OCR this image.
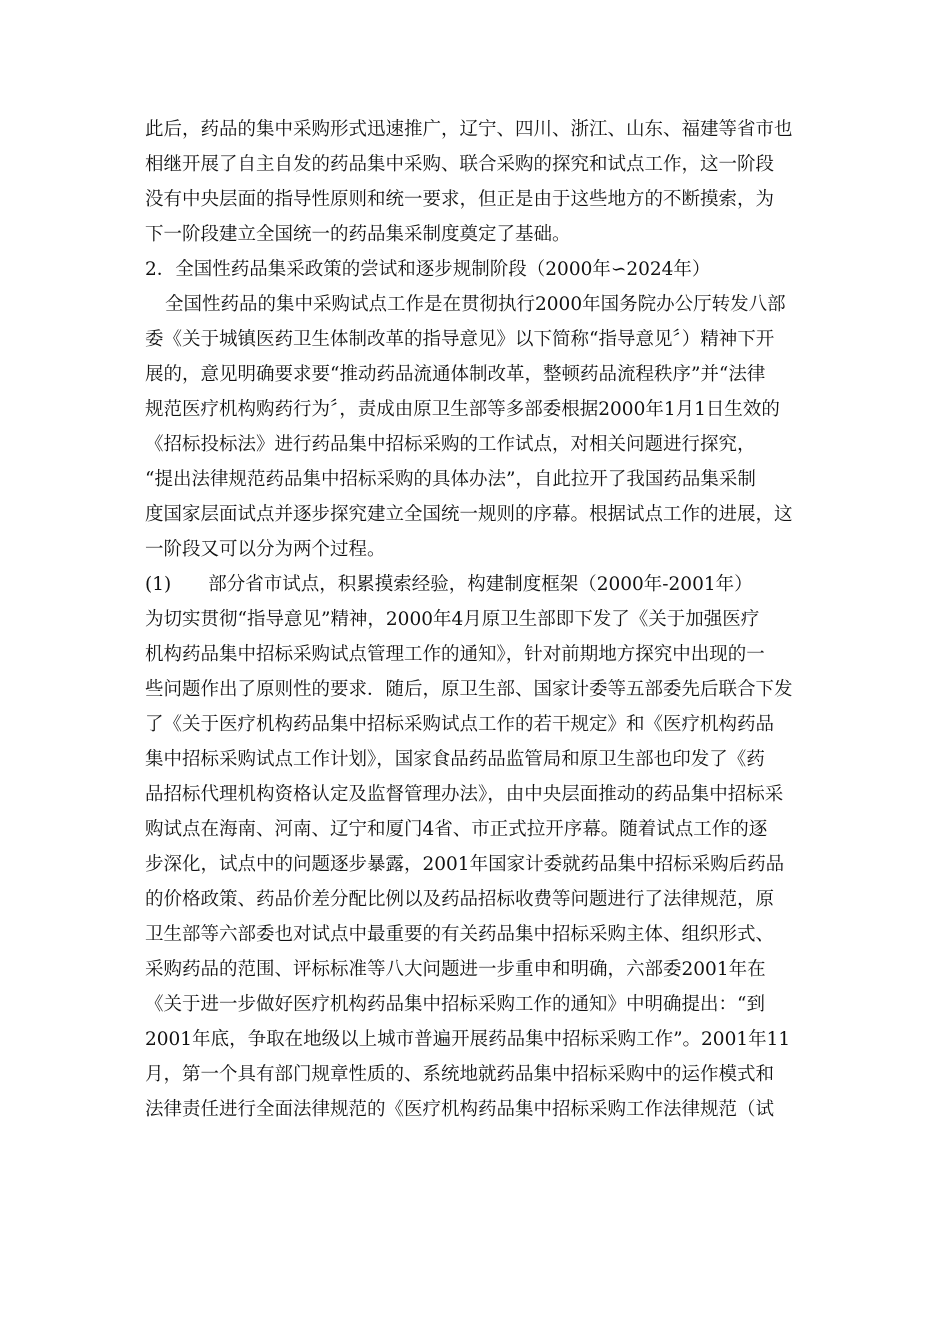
此后，药品的集中采购形式迅速推广，辽宁、四川、浙江、山东、福建等省市也
相继开展了自主自发的药品集中采购、联合采购的探究和试点工作，这一阶段
没有中央层面的指导性原则和统一要求，但正是由于这些地方的不断摸索，为
下一阶段建立全国统一的药品集采制度奠定了基础。
2．全国性药品集采政策的尝试和逐步规制阶段（2000年∽2024年）
全国性药品的集中采购试点工作是在贯彻执行2000年国务院办公厅转发八部
委《关于城镇医药卫生体制改革的指导意见》以下简称“指导意见〞）精神下开
展的，意见明确要求要“推动药品流通体制改革，整顿药品流程秩序”并“法律
规范医疗机构购药行为〞，责成由原卫生部等多部委根据2000年1月1日生效的
《招标投标法》进行药品集中招标采购的工作试点，对相关问题进行探究，
“提出法律规范药品集中招标采购的具体办法”，自此拉开了我国药品集采制
度国家层面试点并逐步探究建立全国统一规则的序幕。根据试点工作的进展，这
一阶段又可以分为两个过程。
(1)　　部分省市试点，积累摸索经验，构建制度框架（2000年-2001年）
为切实贯彻“指导意见”精神，2000年4月原卫生部即下发了《关于加强医疗
机构药品集中招标采购试点管理工作的通知》，针对前期地方探究中出现的一
些问题作出了原则性的要求．随后，原卫生部、国家计委等五部委先后联合下发
了《关于医疗机构药品集中招标采购试点工作的若干规定》和《医疗机构药品
集中招标采购试点工作计划》，国家食品药品监管局和原卫生部也印发了《药
品招标代理机构资格认定及监督管理办法》，由中央层面推动的药品集中招标采
购试点在海南、河南、辽宁和厦门4省、市正式拉开序幕。随着试点工作的逐
步深化，试点中的问题逐步暴露，2001年国家计委就药品集中招标采购后药品
的价格政策、药品价差分配比例以及药品招标收费等问题进行了法律规范，原
卫生部等六部委也对试点中最重要的有关药品集中招标采购主体、组织形式、
采购药品的范围、评标标准等八大问题进一步重申和明确，六部委2001年在
《关于进一步做好医疗机构药品集中招标采购工作的通知》中明确提出：“到
2001年底，争取在地级以上城市普遍开展药品集中招标采购工作”。2001年11
月，第一个具有部门规章性质的、系统地就药品集中招标采购中的运作模式和
法律责任进行全面法律规范的《医疗机构药品集中招标采购工作法律规范（试
